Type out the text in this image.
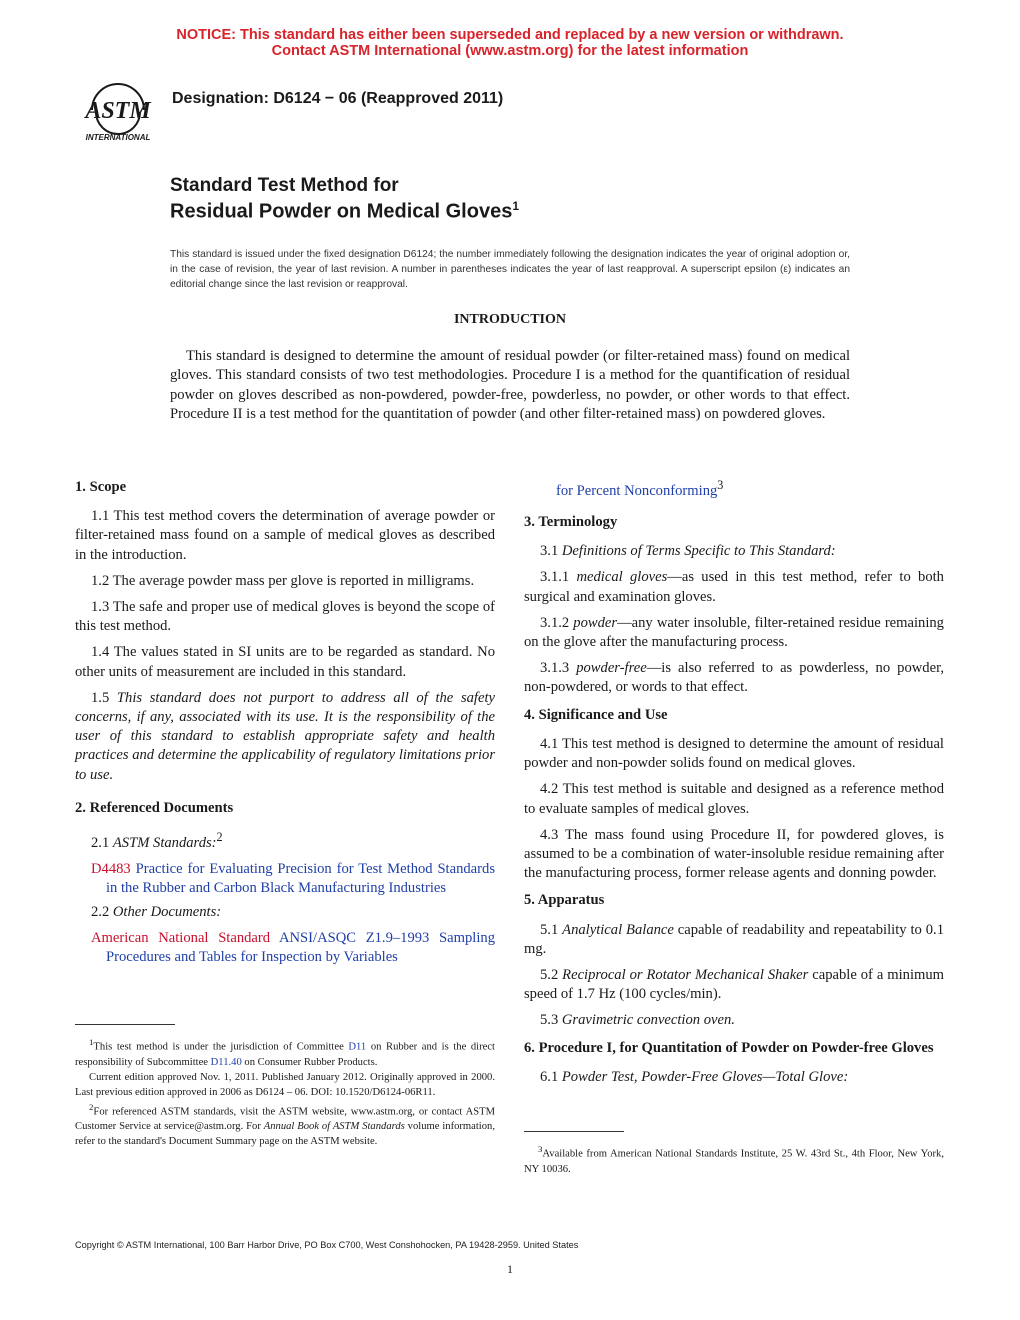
NOTICE: This standard has either been superseded and replaced by a new version or withdrawn.
Contact ASTM International (www.astm.org) for the latest information
ASTM
INTERNATIONAL
Designation: D6124 − 06 (Reapproved 2011)
Standard Test Method for
Residual Powder on Medical Gloves$^1$
This standard is issued under the fixed designation D6124; the number immediately following the designation indicates the year of original adoption or, in the case of revision, the year of last revision. A number in parentheses indicates the year of last reapproval. A superscript epsilon (ε) indicates an editorial change since the last revision or reapproval.
INTRODUCTION
This standard is designed to determine the amount of residual powder (or filter-retained mass) found on medical gloves. This standard consists of two test methodologies. Procedure I is a method for the quantification of residual powder on gloves described as non-powdered, powder-free, powderless, no powder, or other words to that effect. Procedure II is a test method for the quantitation of powder (and other filter-retained mass) on powdered gloves.
1. Scope
1.1 This test method covers the determination of average powder or filter-retained mass found on a sample of medical gloves as described in the introduction.
1.2 The average powder mass per glove is reported in milligrams.
1.3 The safe and proper use of medical gloves is beyond the scope of this test method.
1.4 The values stated in SI units are to be regarded as standard. No other units of measurement are included in this standard.
1.5 This standard does not purport to address all of the safety concerns, if any, associated with its use. It is the responsibility of the user of this standard to establish appropriate safety and health practices and determine the applicability of regulatory limitations prior to use.
2. Referenced Documents
2.1 ASTM Standards:$^2$
D4483 Practice for Evaluating Precision for Test Method Standards in the Rubber and Carbon Black Manufacturing Industries
2.2 Other Documents:
American National Standard ANSI/ASQC Z1.9–1993 Sampling Procedures and Tables for Inspection by Variables

$^1$This test method is under the jurisdiction of Committee D11 on Rubber and is the direct responsibility of Subcommittee D11.40 on Consumer Rubber Products.

Current edition approved Nov. 1, 2011. Published January 2012. Originally approved in 2000. Last previous edition approved in 2006 as D6124 – 06. DOI: 10.1520/D6124-06R11.

$^2$For referenced ASTM standards, visit the ASTM website, www.astm.org, or contact ASTM Customer Service at service@astm.org. For Annual Book of ASTM Standards volume information, refer to the standard's Document Summary page on the ASTM website.

for Percent Nonconforming$^3$
3. Terminology
3.1 Definitions of Terms Specific to This Standard:
3.1.1 medical gloves—as used in this test method, refer to both surgical and examination gloves.
3.1.2 powder—any water insoluble, filter-retained residue remaining on the glove after the manufacturing process.
3.1.3 powder-free—is also referred to as powderless, no powder, non-powdered, or words to that effect.
4. Significance and Use
4.1 This test method is designed to determine the amount of residual powder and non-powder solids found on medical gloves.
4.2 This test method is suitable and designed as a reference method to evaluate samples of medical gloves.
4.3 The mass found using Procedure II, for powdered gloves, is assumed to be a combination of water-insoluble residue remaining after the manufacturing process, former release agents and donning powder.
5. Apparatus
5.1 Analytical Balance capable of readability and repeatability to 0.1 mg.
5.2 Reciprocal or Rotator Mechanical Shaker capable of a minimum speed of 1.7 Hz (100 cycles/min).
5.3 Gravimetric convection oven.
6. Procedure I, for Quantitation of Powder on Powder-free Gloves
6.1 Powder Test, Powder-Free Gloves—Total Glove:

$^3$Available from American National Standards Institute, 25 W. 43rd St., 4th Floor, New York, NY 10036.

Copyright © ASTM International, 100 Barr Harbor Drive, PO Box C700, West Conshohocken, PA 19428-2959. United States
1
